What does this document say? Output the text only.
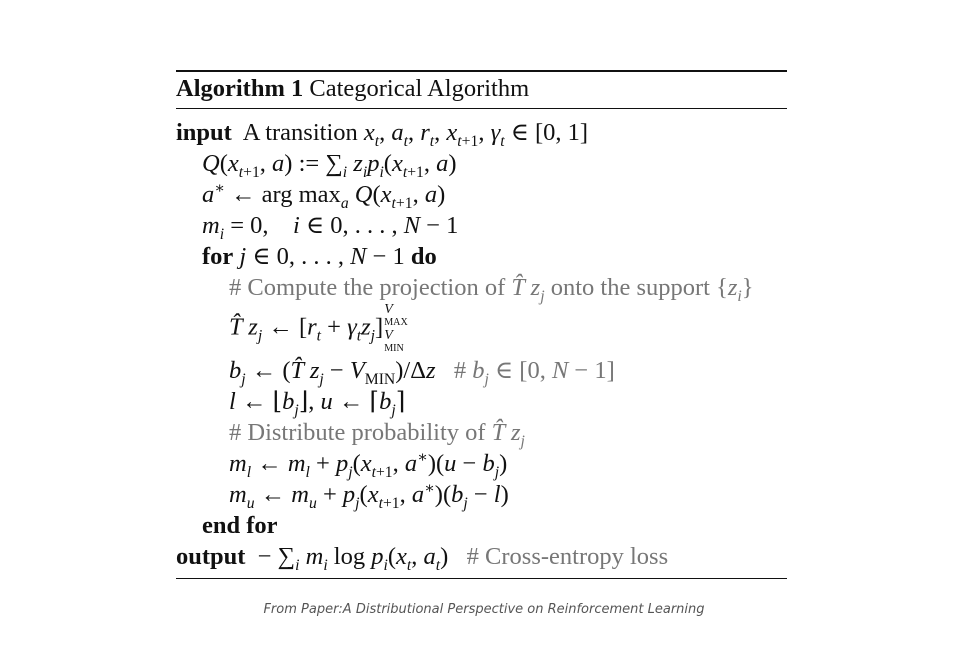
Algorithm 1 Categorical Algorithm
input  A transition $x_t$, $a_t$, $r_t$, $x_{t+1}$, $\gamma_t$ ∈ [0, 1]
$Q(x_{t+1}$, a) := $\sum_i$ $z_ip_i(x_{t+1}$, a)
a∗ ← arg $\max_a Q(x_{t+1}$, a)
$m_i = 0$,    i ∈ 0, . . . , N − 1
for j ∈ 0, . . . , N − 1 do
# Compute the projection of T̂ $z_j$ onto the support $\{z_i\}$
T̂ $z_j$ ← $[r_t + \gamma_tz_j]$
V
MAX
V
MIN
$b_j$ ← (T̂ $z_j - V_{MIN})/\Delta z$ # $b_j$ ∈ [0, N − 1]
l ← $⌊b_j⌋$, u ← $⌈b_j⌉$
# Distribute probability of T̂ $z_j$
$m_l$ ← $m_l + p_j(x_{t+1}$, $a^∗)(u - b_j)$
$m_u$ ← $m_u + p_j(x_{t+1}$, $a^∗)(b_j - l)$
end for
output  − $\sum_i$ $m_i$ $\log p_i(x_t$, $a_t$)   # Cross-entropy loss
From Paper:A Distributional Perspective on Reinforcement Learning
